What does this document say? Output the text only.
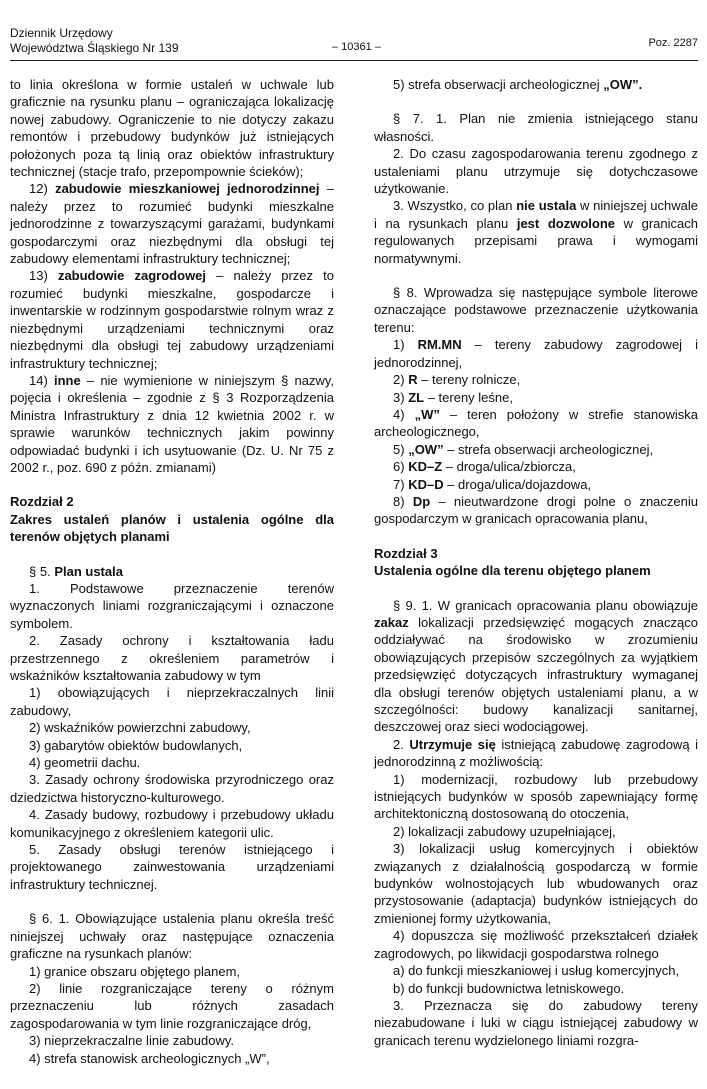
Dziennik Urzędowy
Województwa Śląskiego Nr 139	– 10361 –	Poz. 2287

to linia określona w formie ustaleń w uchwale lub graficznie na rysunku planu – ograniczająca lokalizację nowej zabudowy. Ograniczenie to nie dotyczy zakazu remontów i przebudowy budynków już istniejących położonych poza tą linią oraz obiektów infrastruktury technicznej (stacje trafo, przepompownie ścieków);

12) zabudowie mieszkaniowej jednorodzinnej – należy przez to rozumieć budynki mieszkalne jednorodzinne z towarzyszącymi garażami, budynkami gospodarczymi oraz niezbędnymi dla obsługi tej zabudowy elementami infrastruktury technicznej;

13) zabudowie zagrodowej – należy przez to rozumieć budynki mieszkalne, gospodarcze i inwentarskie w rodzinnym gospodarstwie rolnym wraz z niezbędnymi urządzeniami technicznymi oraz niezbędnymi dla obsługi tej zabudowy urządzeniami infrastruktury technicznej;

14) inne – nie wymienione w niniejszym § nazwy, pojęcia i określenia – zgodnie z § 3 Rozporządzenia Ministra Infrastruktury z dnia 12 kwietnia 2002 r. w sprawie warunków technicznych jakim powinny odpowiadać budynki i ich usytuowanie (Dz. U. Nr 75 z 2002 r., poz. 690 z późn. zmianami)

Rozdział 2

Zakres ustaleń planów i ustalenia ogólne dla terenów objętych planami

§ 5. Plan ustala

1. Podstawowe przeznaczenie terenów wyznaczonych liniami rozgraniczającymi i oznaczone symbolem.

2. Zasady ochrony i kształtowania ładu przestrzennego z określeniem parametrów i wskaźników kształtowania zabudowy w tym

1) obowiązujących i nieprzekraczalnych linii zabudowy,

2) wskaźników powierzchni zabudowy,

3) gabarytów obiektów budowlanych,

4) geometrii dachu.

3. Zasady ochrony środowiska przyrodniczego oraz dziedzictwa historyczno-kulturowego.

4. Zasady budowy, rozbudowy i przebudowy układu komunikacyjnego z określeniem kategorii ulic.

5. Zasady obsługi terenów istniejącego i projektowanego zainwestowania urządzeniami infrastruktury technicznej.

§ 6. 1. Obowiązujące ustalenia planu określa treść niniejszej uchwały oraz następujące oznaczenia graficzne na rysunkach planów:

1) granice obszaru objętego planem,

2) linie rozgraniczające tereny o różnym przeznaczeniu lub różnych zasadach zagospodarowania w tym linie rozgraniczające dróg,

3) nieprzekraczalne linie zabudowy.

4) strefa stanowisk archeologicznych „W”,

5) strefa obserwacji archeologicznej „OW”.

§ 7. 1. Plan nie zmienia istniejącego stanu własności.

2. Do czasu zagospodarowania terenu zgodnego z ustaleniami planu utrzymuje się dotychczasowe użytkowanie.

3. Wszystko, co plan nie ustala w niniejszej uchwale i na rysunkach planu jest dozwolone w granicach regulowanych przepisami prawa i wymogami normatywnymi.

§ 8. Wprowadza się następujące symbole literowe oznaczające podstawowe przeznaczenie użytkowania terenu:

1) RM.MN – tereny zabudowy zagrodowej i jednorodzinnej,

2) R – tereny rolnicze,

3) ZL – tereny leśne,

4) „W” – teren położony w strefie stanowiska archeologicznego,

5) „OW” – strefa obserwacji archeologicznej,

6) KD–Z – droga/ulica/zbiorcza,

7) KD–D – droga/ulica/dojazdowa,

8) Dp – nieutwardzone drogi polne o znaczeniu gospodarczym w granicach opracowania planu,

Rozdział 3

Ustalenia ogólne dla terenu objętego planem

§ 9. 1. W granicach opracowania planu obowiązuje zakaz lokalizacji przedsięwzięć mogących znacząco oddziaływać na środowisko w zrozumieniu obowiązujących przepisów szczególnych za wyjątkiem przedsięwzięć dotyczących infrastruktury wymaganej dla obsługi terenów objętych ustaleniami planu, a w szczególności: budowy kanalizacji sanitarnej, deszczowej oraz sieci wodociągowej.

2. Utrzymuje się istniejącą zabudowę zagrodową i jednorodzinną z możliwością:

1) modernizacji, rozbudowy lub przebudowy istniejących budynków w sposób zapewniający formę architektoniczną dostosowaną do otoczenia,

2) lokalizacji zabudowy uzupełniającej,

3) lokalizacji usług komercyjnych i obiektów związanych z działalnością gospodarczą w formie budynków wolnostojących lub wbudowanych oraz przystosowanie (adaptacja) budynków istniejących do zmienionej formy użytkowania,

4) dopuszcza się możliwość przekształceń działek zagrodowych, po likwidacji gospodarstwa rolnego

a) do funkcji mieszkaniowej i usług komercyjnych,

b) do funkcji budownictwa letniskowego.

3. Przeznacza się do zabudowy tereny niezabudowane i luki w ciągu istniejącej zabudowy w granicach terenu wydzielonego liniami rozgra-
